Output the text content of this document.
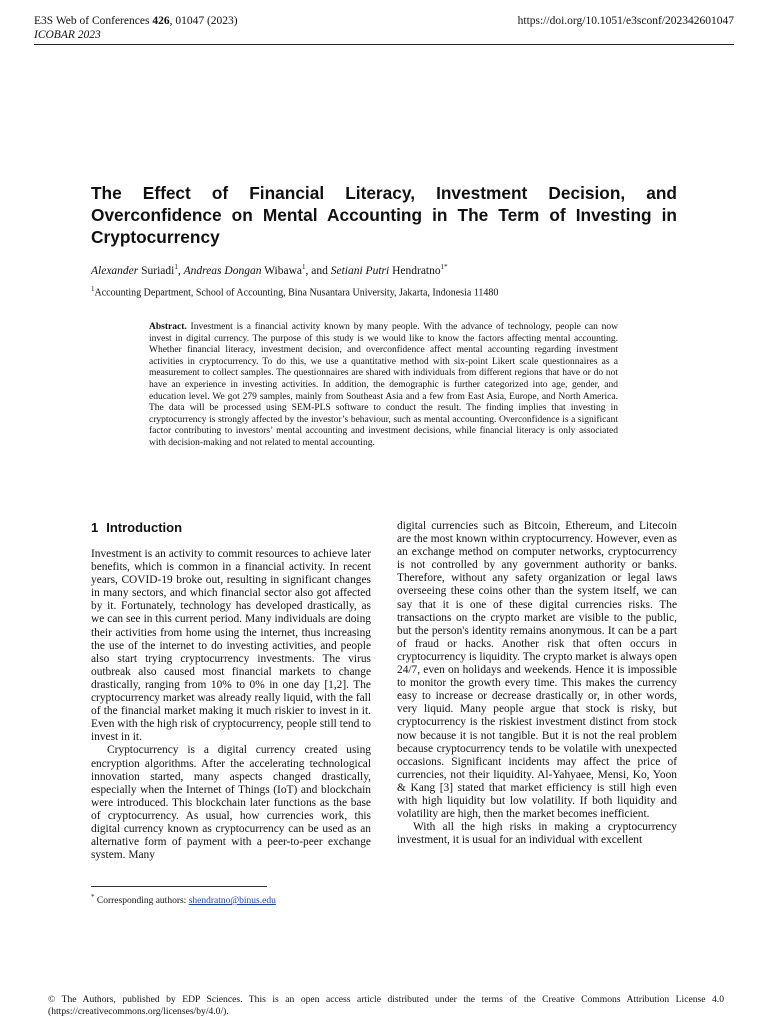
E3S Web of Conferences 426, 01047 (2023)
ICOBAR 2023
https://doi.org/10.1051/e3sconf/202342601047
The Effect of Financial Literacy, Investment Decision, and Overconfidence on Mental Accounting in The Term of Investing in Cryptocurrency
Alexander Suriadi$^1$, Andreas Dongan Wibawa$^1$, and Setiani Putri Hendratno$^{1*}$
$^1$Accounting Department, School of Accounting, Bina Nusantara University, Jakarta, Indonesia 11480

Abstract. Investment is a financial activity known by many people. With the advance of technology, people can now invest in digital currency. The purpose of this study is we would like to know the factors affecting mental accounting. Whether financial literacy, investment decision, and overconfidence affect mental accounting regarding investment activities in cryptocurrency. To do this, we use a quantitative method with six-point Likert scale questionnaires as a measurement to collect samples. The questionnaires are shared with individuals from different regions that have or do not have an experience in investing activities. In addition, the demographic is further categorized into age, gender, and education level. We got 279 samples, mainly from Southeast Asia and a few from East Asia, Europe, and North America. The data will be processed using SEM-PLS software to conduct the result. The finding implies that investing in cryptocurrency is strongly affected by the investor’s behaviour, such as mental accounting. Overconfidence is a significant factor contributing to investors’ mental accounting and investment decisions, while financial literacy is only associated with decision-making and not related to mental accounting.

1 Introduction

Investment is an activity to commit resources to achieve later benefits, which is common in a financial activity. In recent years, COVID-19 broke out, resulting in significant changes in many sectors, and which financial sector also got affected by it. Fortunately, technology has developed drastically, as we can see in this current period. Many individuals are doing their activities from home using the internet, thus increasing the use of the internet to do investing activities, and people also start trying cryptocurrency investments. The virus outbreak also caused most financial markets to change drastically, ranging from 10% to 0% in one day [1,2]. The cryptocurrency market was already really liquid, with the fall of the financial market making it much riskier to invest in it. Even with the high risk of cryptocurrency, people still tend to invest in it.

Cryptocurrency is a digital currency created using encryption algorithms. After the accelerating technological innovation started, many aspects changed drastically, especially when the Internet of Things (IoT) and blockchain were introduced. This blockchain later functions as the base of cryptocurrency. As usual, how currencies work, this digital currency known as cryptocurrency can be used as an alternative form of payment with a peer-to-peer exchange system. Many

digital currencies such as Bitcoin, Ethereum, and Litecoin are the most known within cryptocurrency. However, even as an exchange method on computer networks, cryptocurrency is not controlled by any government authority or banks. Therefore, without any safety organization or legal laws overseeing these coins other than the system itself, we can say that it is one of these digital currencies risks. The transactions on the crypto market are visible to the public, but the person's identity remains anonymous. It can be a part of fraud or hacks. Another risk that often occurs in cryptocurrency is liquidity. The crypto market is always open 24/7, even on holidays and weekends. Hence it is impossible to monitor the growth every time. This makes the currency easy to increase or decrease drastically or, in other words, very liquid. Many people argue that stock is risky, but cryptocurrency is the riskiest investment distinct from stock now because it is not tangible. But it is not the real problem because cryptocurrency tends to be volatile with unexpected occasions. Significant incidents may affect the price of currencies, not their liquidity. Al-Yahyaee, Mensi, Ko, Yoon & Kang [3] stated that market efficiency is still high even with high liquidity but low volatility. If both liquidity and volatility are high, then the market becomes inefficient.

With all the high risks in making a cryptocurrency investment, it is usual for an individual with excellent

* Corresponding authors: shendratno@binus.edu

© The Authors, published by EDP Sciences. This is an open access article distributed under the terms of the Creative Commons Attribution License 4.0 (https://creativecommons.org/licenses/by/4.0/).
